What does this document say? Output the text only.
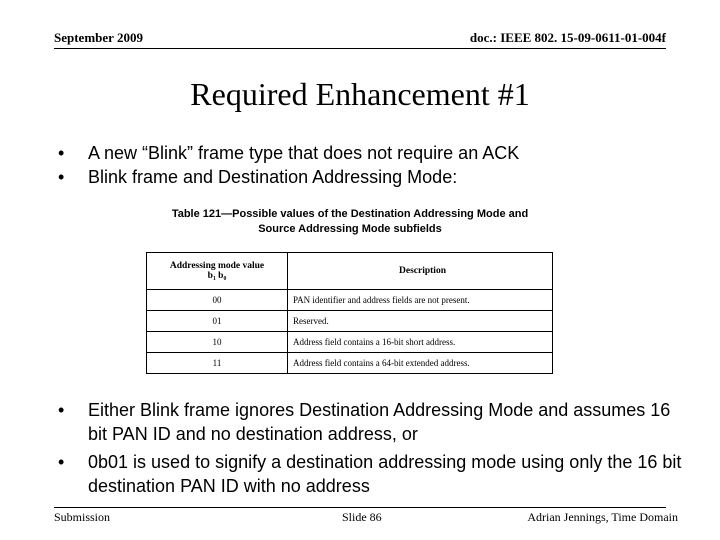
September 2009	doc.: IEEE 802. 15-09-0611-01-004f
Required Enhancement #1
• A new “Blink” frame type that does not require an ACK
• Blink frame and Destination Addressing Mode:
Table 121—Possible values of the Destination Addressing Mode and
Source Addressing Mode subfields
Addressing mode value
b₁ b₀	Description
00	PAN identifier and address fields are not present.
01	Reserved.
10	Address field contains a 16-bit short address.
11	Address field contains a 64-bit extended address.
• Either Blink frame ignores Destination Addressing Mode and assumes 16 bit PAN ID and no destination address, or
• 0b01 is used to signify a destination addressing mode using only the 16 bit destination PAN ID with no address
Submission	Slide 86	Adrian Jennings, Time Domain
